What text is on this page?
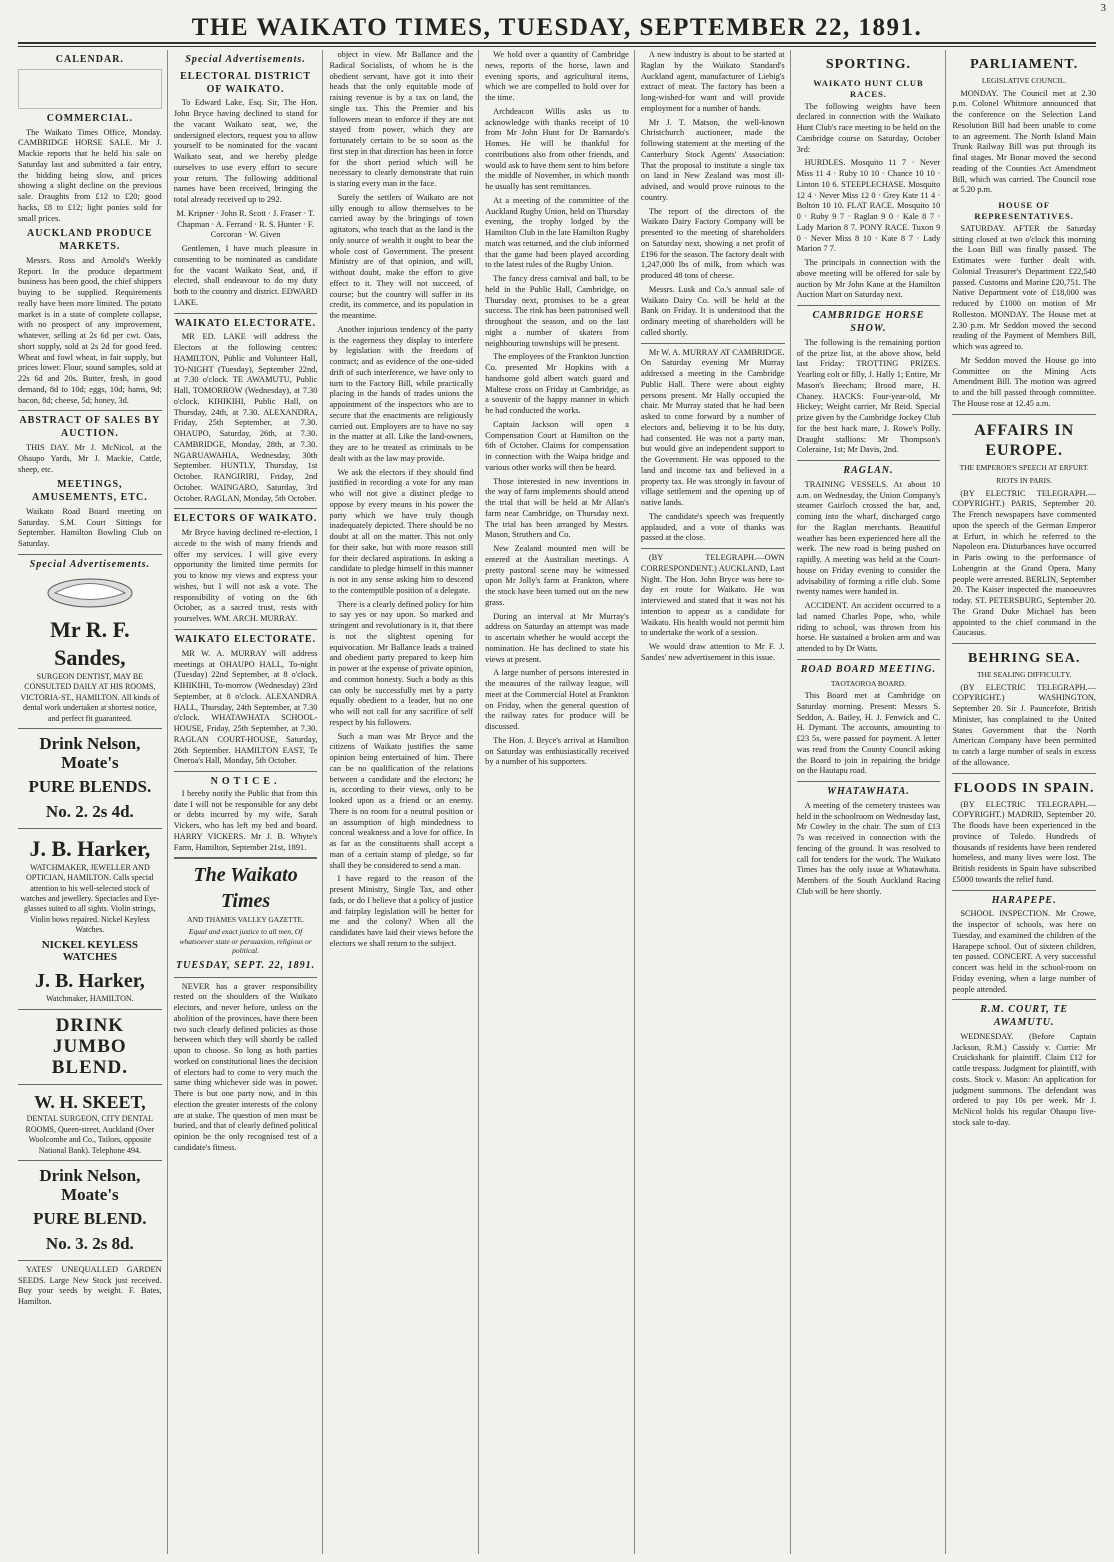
3
THE WAIKATO TIMES, TUESDAY, SEPTEMBER 22, 1891.
CALENDAR.
COMMERCIAL.

The Waikato Times Office, Monday. CAMBRIDGE HORSE SALE. Mr J. Mackie reports that he held his sale on Saturday last and submitted a fair entry, the bidding being slow, and prices showing a slight decline on the previous sale. Draughts from £12 to £20; good hacks, £8 to £12; light ponies sold for small prices.

AUCKLAND PRODUCE MARKETS.

Messrs. Ross and Arnold's Weekly Report. In the produce department business has been good, the chief shippers buying to be supplied. Requirements really have been more limited. The potato market is in a state of complete collapse, with no prospect of any improvement, whatever, selling at 2s 6d per cwt. Oats, short supply, sold at 2s 2d for good feed. Wheat and fowl wheat, in fair supply, but prices lower. Flour, sound samples, sold at 22s 6d and 20s. Butter, fresh, in good demand, 8d to 10d; eggs, 10d; hams, 9d; bacon, 8d; cheese, 5d; honey, 3d.

ABSTRACT OF SALES BY AUCTION.

THIS DAY. Mr J. McNicol, at the Ohaupo Yards, Mr J. Mackie, Cattle, sheep, etc.

MEETINGS, AMUSEMENTS, ETC.

Waikato Road Board meeting on Saturday. S.M. Court Sittings for September. Hamilton Bowling Club on Saturday.

Special Advertisements.
Mr R. F. Sandes,
SURGEON DENTIST, MAY BE CONSULTED DAILY AT HIS ROOMS, VICTORIA-ST., HAMILTON. All kinds of dental work undertaken at shortest notice, and perfect fit guaranteed.
Drink Nelson, Moate's
PURE BLENDS.
No. 2. 2s 4d.
J. B. Harker,
WATCHMAKER, JEWELLER AND OPTICIAN, HAMILTON. Calls special attention to his well-selected stock of watches and jewellery. Spectacles and Eye-glasses suited to all sights. Violin strings, Violin bows repaired. Nickel Keyless Watches.
NICKEL KEYLESS WATCHES
J. B. Harker,
Watchmaker, HAMILTON.
DRINK JUMBO BLEND.
W. H. SKEET,
DENTAL SURGEON, CITY DENTAL ROOMS, Queen-street, Auckland (Over Woolcombe and Co., Tailors, opposite National Bank). Telephone 494.
Drink Nelson, Moate's
PURE BLEND.
No. 3. 2s 8d.

YATES' UNEQUALLED GARDEN SEEDS. Large New Stock just received. Buy your seeds by weight. F. Bates, Hamilton.

Special Advertisements.
ELECTORAL DISTRICT OF WAIKATO.

To Edward Lake, Esq. Sir, The Hon. John Bryce having declined to stand for the vacant Waikato seat, we, the undersigned electors, request you to allow yourself to be nominated for the vacant Waikato seat, and we hereby pledge ourselves to use every effort to secure your return. The following additional names have been received, bringing the total already received up to 292.

M. Kripner · John R. Scott · J. Fraser · T. Chapman · A. Ferrand · R. S. Hunter · F. Corcoran · W. Given

Gentlemen, I have much pleasure in consenting to be nominated as candidate for the vacant Waikato Seat, and, if elected, shall endeavour to do my duty both to the country and district. EDWARD LAKE.

WAIKATO ELECTORATE.

MR ED. LAKE will address the Electors at the following centres: HAMILTON, Public and Volunteer Hall, TO-NIGHT (Tuesday), September 22nd, at 7.30 o'clock. TE AWAMUTU, Public Hall, TOMORROW (Wednesday), at 7.30 o'clock. KIHIKIHI, Public Hall, on Thursday, 24th, at 7.30. ALEXANDRA, Friday, 25th September, at 7.30. OHAUPO, Saturday, 26th, at 7.30. CAMBRIDGE, Monday, 28th, at 7.30. NGARUAWAHIA, Wednesday, 30th September. HUNTLY, Thursday, 1st October. RANGIRIRI, Friday, 2nd October. WAINGARO, Saturday, 3rd October. RAGLAN, Monday, 5th October.

ELECTORS OF WAIKATO.

Mr Bryce having declined re-election, I accede to the wish of many friends and offer my services. I will give every opportunity the limited time permits for you to know my views and express your wishes, but I will not ask a vote. The responsibility of voting on the 6th October, as a sacred trust, rests with yourselves. WM. ARCH. MURRAY.

WAIKATO ELECTORATE.

MR W. A. MURRAY will address meetings at OHAUPO HALL, To-night (Tuesday) 22nd September, at 8 o'clock. KIHIKIHI, To-morrow (Wednesday) 23rd September, at 8 o'clock. ALEXANDRA HALL, Thursday, 24th September, at 7.30 o'clock. WHATAWHATA SCHOOL-HOUSE, Friday, 25th September, at 7.30. RAGLAN COURT-HOUSE, Saturday, 26th September. HAMILTON EAST, Te Oneroa's Hall, Monday, 5th October.

NOTICE.

I hereby notify the Public that from this date I will not be responsible for any debt or debts incurred by my wife, Sarah Vickers, who has left my bed and board. HARRY VICKERS. Mr J. B. Whyte's Farm, Hamilton, September 21st, 1891.

The Waikato Times
AND THAMES VALLEY GAZETTE.
Equal and exact justice to all men, Of whatsoever state or persuasion, religious or political.
TUESDAY, SEPT. 22, 1891.

NEVER has a graver responsibility rested on the shoulders of the Waikato electors, and never before, unless on the abolition of the provinces, have there been two such clearly defined policies as those between which they will shortly be called upon to choose. So long as both parties worked on constitutional lines the decision of electors had to come to very much the same thing whichever side was in power. There is but one party now, and in this election the greater interests of the colony are at stake. The question of men must be buried, and that of clearly defined political opinion be the only recognised test of a candidate's fitness.

object in view. Mr Ballance and the Radical Socialists, of whom he is the obedient servant, have got it into their heads that the only equitable mode of raising revenue is by a tax on land, the single tax. This the Premier and his followers mean to enforce if they are not stayed from power, which they are fortunately certain to be so soon as the first step in that direction has been in force for the short period which will be necessary to clearly demonstrate that ruin is staring every man in the face.

Surely the settlers of Waikato are not silly enough to allow themselves to be carried away by the bringings of town agitators, who teach that as the land is the only source of wealth it ought to bear the whole cost of Government. The present Ministry are of that opinion, and will, without doubt, make the effort to give effect to it. They will not succeed, of course; but the country will suffer in its credit, its commerce, and its population in the meantime.

Another injurious tendency of the party is the eagerness they display to interfere by legislation with the freedom of contract; and as evidence of the one-sided drift of such interference, we have only to turn to the Factory Bill, while practically placing in the hands of trades unions the appointment of the inspectors who are to secure that the enactments are religiously carried out. Employers are to have no say in the matter at all. Like the land-owners, they are to be treated as criminals to be dealt with as the law may provide.

We ask the electors if they should find justified in recording a vote for any man who will not give a distinct pledge to oppose by every means in his power the party which we have truly though inadequately depicted. There should be no doubt at all on the matter. This not only for their sake, but with more reason still for their declared aspirations. In asking a candidate to pledge himself in this manner is not in any sense asking him to descend to the contemptible position of a delegate.

There is a clearly defined policy for him to say yes or nay upon. So marked and stringent and revolutionary is it, that there is not the slightest opening for equivocation. Mr Ballance leads a trained and obedient party prepared to keep him in power at the expense of private opinion, and common honesty. Such a body as this can only be successfully met by a party equally obedient to a leader, but no one who will not call for any sacrifice of self respect by his followers.

Such a man was Mr Bryce and the citizens of Waikato justifies the same opinion being entertained of him. There can be no qualification of the relations between a candidate and the electors; he is, according to their views, only to be looked upon as a friend or an enemy. There is no room for a neutral position or an assumption of high mindedness to conceal weakness and a love for office. In as far as the constituents shall accept a man of a certain stamp of pledge, so far shall they be considered to send a man.

I have regard to the reason of the present Ministry, Single Tax, and other fads, or do I believe that a policy of justice and fairplay legislation will be better for me and the colony? When all the candidates have laid their views before the electors we shall return to the subject.

We hold over a quantity of Cambridge news, reports of the horse, lawn and evening sports, and agricultural items, which we are compelled to hold over for the time.

Archdeacon Willis asks us to acknowledge with thanks receipt of 10 from Mr John Hunt for Dr Barnardo's Homes. He will be thankful for contributions also from other friends, and would ask to have them sent to him before the middle of November, in which month he usually has sent remittances.

At a meeting of the committee of the Auckland Rugby Union, held on Thursday evening, the trophy lodged by the Hamilton Club in the late Hamilton Rugby match was returned, and the club informed that the game had been played according to the latest rules of the Rugby Union.

The fancy dress carnival and ball, to be held in the Public Hall, Cambridge, on Thursday next, promises to be a great success. The rink has been patronised well throughout the season, and on the last night a number of skaters from neighbouring townships will be present.

The employees of the Frankton Junction Co. presented Mr Hopkins with a handsome gold albert watch guard and Maltese cross on Friday at Cambridge, as a souvenir of the happy manner in which he had conducted the works.

Captain Jackson will open a Compensation Court at Hamilton on the 6th of October. Claims for compensation in connection with the Waipa bridge and various other works will then be heard.

Those interested in new inventions in the way of farm implements should attend the trial that will be held at Mr Allan's farm near Cambridge, on Thursday next. The trial has been arranged by Messrs. Mason, Struthers and Co.

New Zealand mounted men will be entered at the Australian meetings. A pretty pastoral scene may be witnessed upon Mr Jolly's farm at Frankton, where the stock have been turned out on the new grass.

During an interval at Mr Murray's address on Saturday an attempt was made to ascertain whether he would accept the nomination. He has declined to state his views at present.

A large number of persons interested in the measures of the railway league, will meet at the Commercial Hotel at Frankton on Friday, when the general question of the railway rates for produce will be discussed.

The Hon. J. Bryce's arrival at Hamilton on Saturday was enthusiastically received by a number of his supporters.

A new industry is about to be started at Raglan by the Waikato Standard's Auckland agent, manufacturer of Liebig's extract of meat. The factory has been a long-wished-for want and will provide employment for a number of hands.

Mr J. T. Matson, the well-known Christchurch auctioneer, made the following statement at the meeting of the Canterbury Stock Agents' Association: That the proposal to institute a single tax on land in New Zealand was most ill-advised, and would prove ruinous to the country.

The report of the directors of the Waikato Dairy Factory Company will be presented to the meeting of shareholders on Saturday next, showing a net profit of £196 for the season. The factory dealt with 1,247,000 lbs of milk, from which was produced 48 tons of cheese.

Messrs. Lusk and Co.'s annual sale of Waikato Dairy Co. will be held at the Bank on Friday. It is understood that the ordinary meeting of shareholders will be called shortly.

Mr W. A. MURRAY AT CAMBRIDGE. On Saturday evening Mr Murray addressed a meeting in the Cambridge Public Hall. There were about eighty persons present. Mr Hally occupied the chair. Mr Murray stated that he had been asked to come forward by a number of electors and, believing it to be his duty, had consented. He was not a party man, but would give an independent support to the Government. He was opposed to the land and income tax and believed in a property tax. He was strongly in favour of village settlement and the opening up of native lands.

The candidate's speech was frequently applauded, and a vote of thanks was passed at the close.

(BY TELEGRAPH.—OWN CORRESPONDENT.) AUCKLAND, Last Night. The Hon. John Bryce was here to-day en route for Waikato. He was interviewed and stated that it was not his intention to appear as a candidate for Waikato. His health would not permit him to undertake the work of a session.

We would draw attention to Mr F. J. Sandes' new advertisement in this issue.

SPORTING.
WAIKATO HUNT CLUB RACES.

The following weights have been declared in connection with the Waikato Hunt Club's race meeting to be held on the Cambridge course on Saturday, October 3rd:

HURDLES. Mosquito 11 7 · Never Miss 11 4 · Ruby 10 10 · Chance 10 10 · Linton 10 6. STEEPLECHASE. Mosquito 12 4 · Never Miss 12 0 · Grey Kate 11 4 · Bolton 10 10. FLAT RACE. Mosquito 10 0 · Ruby 9 7 · Raglan 9 0 · Kale 8 7 · Lady Marion 8 7. PONY RACE. Tuxon 9 0 · Never Miss 8 10 · Kate 8 7 · Lady Marion 7 7.

The principals in connection with the above meeting will be offered for sale by auction by Mr John Kane at the Hamilton Auction Mart on Saturday next.

CAMBRIDGE HORSE SHOW.

The following is the remaining portion of the prize list, at the above show, held last Friday: TROTTING PRIZES. Yearling colt or filly, J. Hally 1; Entire, Mr Mason's Beecham; Brood mare, H. Chaney. HACKS: Four-year-old, Mr Hickey; Weight carrier, Mr Reid. Special prize given by the Cambridge Jockey Club for the best hack mare, J. Rowe's Polly. Draught stallions: Mr Thompson's Coleraine, 1st; Mr Davis, 2nd.

RAGLAN.

TRAINING VESSELS. At about 10 a.m. on Wednesday, the Union Company's steamer Gairloch crossed the bar, and, coming into the wharf, discharged cargo for the Raglan merchants. Beautiful weather has been experienced here all the week. The new road is being pushed on rapidly. A meeting was held at the Court-house on Friday evening to consider the advisability of forming a rifle club. Some twenty names were handed in.

ACCIDENT. An accident occurred to a lad named Charles Pope, who, while riding to school, was thrown from his horse. He sustained a broken arm and was attended to by Dr Watts.

ROAD BOARD MEETING.
TAOTAOROA BOARD.

This Board met at Cambridge on Saturday morning. Present: Messrs S. Seddon, A. Bailey, H. J. Fenwick and C. H. Dymant. The accounts, amounting to £23 5s, were passed for payment. A letter was read from the County Council asking the Board to join in repairing the bridge on the Hautapu road.

WHATAWHATA.

A meeting of the cemetery trustees was held in the schoolroom on Wednesday last, Mr Cowley in the chair. The sum of £13 7s was received in connection with the fencing of the ground. It was resolved to call for tenders for the work. The Waikato Times has the only issue at Whatawhata. Members of the South Auckland Racing Club will be here shortly.

PARLIAMENT.
LEGISLATIVE COUNCIL.

MONDAY. The Council met at 2.30 p.m. Colonel Whitmore announced that the conference on the Selection Land Resolution Bill had been unable to come to an agreement. The North Island Main Trunk Railway Bill was put through its final stages. Mr Bonar moved the second reading of the Counties Act Amendment Bill, which was carried. The Council rose at 5.20 p.m.

HOUSE OF REPRESENTATIVES.

SATURDAY. AFTER the Saturday sitting closed at two o'clock this morning the Loan Bill was finally passed. The Estimates were further dealt with. Colonial Treasurer's Department £22,540 passed. Customs and Marine £20,751. The Native Department vote of £18,000 was reduced by £1000 on motion of Mr Rolleston. MONDAY. The House met at 2.30 p.m. Mr Seddon moved the second reading of the Payment of Members Bill, which was agreed to.

Mr Seddon moved the House go into Committee on the Mining Acts Amendment Bill. The motion was agreed to and the bill passed through committee. The House rose at 12.45 a.m.

AFFAIRS IN EUROPE.
THE EMPEROR'S SPEECH AT ERFURT.
RIOTS IN PARIS.

(BY ELECTRIC TELEGRAPH.—COPYRIGHT.) PARIS, September 20. The French newspapers have commented upon the speech of the German Emperor at Erfurt, in which he referred to the Napoleon era. Disturbances have occurred in Paris owing to the performance of Lohengrin at the Grand Opera. Many people were arrested. BERLIN, September 20. The Kaiser inspected the manoeuvres today. ST. PETERSBURG, September 20. The Grand Duke Michael has been appointed to the chief command in the Caucasus.

BEHRING SEA.
THE SEALING DIFFICULTY.

(BY ELECTRIC TELEGRAPH.—COPYRIGHT.) WASHINGTON, September 20. Sir J. Pauncefote, British Minister, has complained to the United States Government that the North American Company have been permitted to catch a large number of seals in excess of the allowance.

FLOODS IN SPAIN.

(BY ELECTRIC TELEGRAPH.—COPYRIGHT.) MADRID, September 20. The floods have been experienced in the province of Toledo. Hundreds of thousands of residents have been rendered homeless, and many lives were lost. The British residents in Spain have subscribed £5000 towards the relief fund.

HARAPEPE.

SCHOOL INSPECTION. Mr Crowe, the inspector of schools, was here on Tuesday, and examined the children of the Harapepe school. Out of sixteen children, ten passed. CONCERT. A very successful concert was held in the school-room on Friday evening, when a large number of people attended.

R.M. COURT, TE AWAMUTU.

WEDNESDAY. (Before Captain Jackson, R.M.) Cassidy v. Currie: Mr Cruickshank for plaintiff. Claim £12 for cattle trespass. Judgment for plaintiff, with costs. Stock v. Mason: An application for judgment summons. The defendant was ordered to pay 10s per week. Mr J. McNicol holds his regular Ohaupo live-stock sale to-day.
